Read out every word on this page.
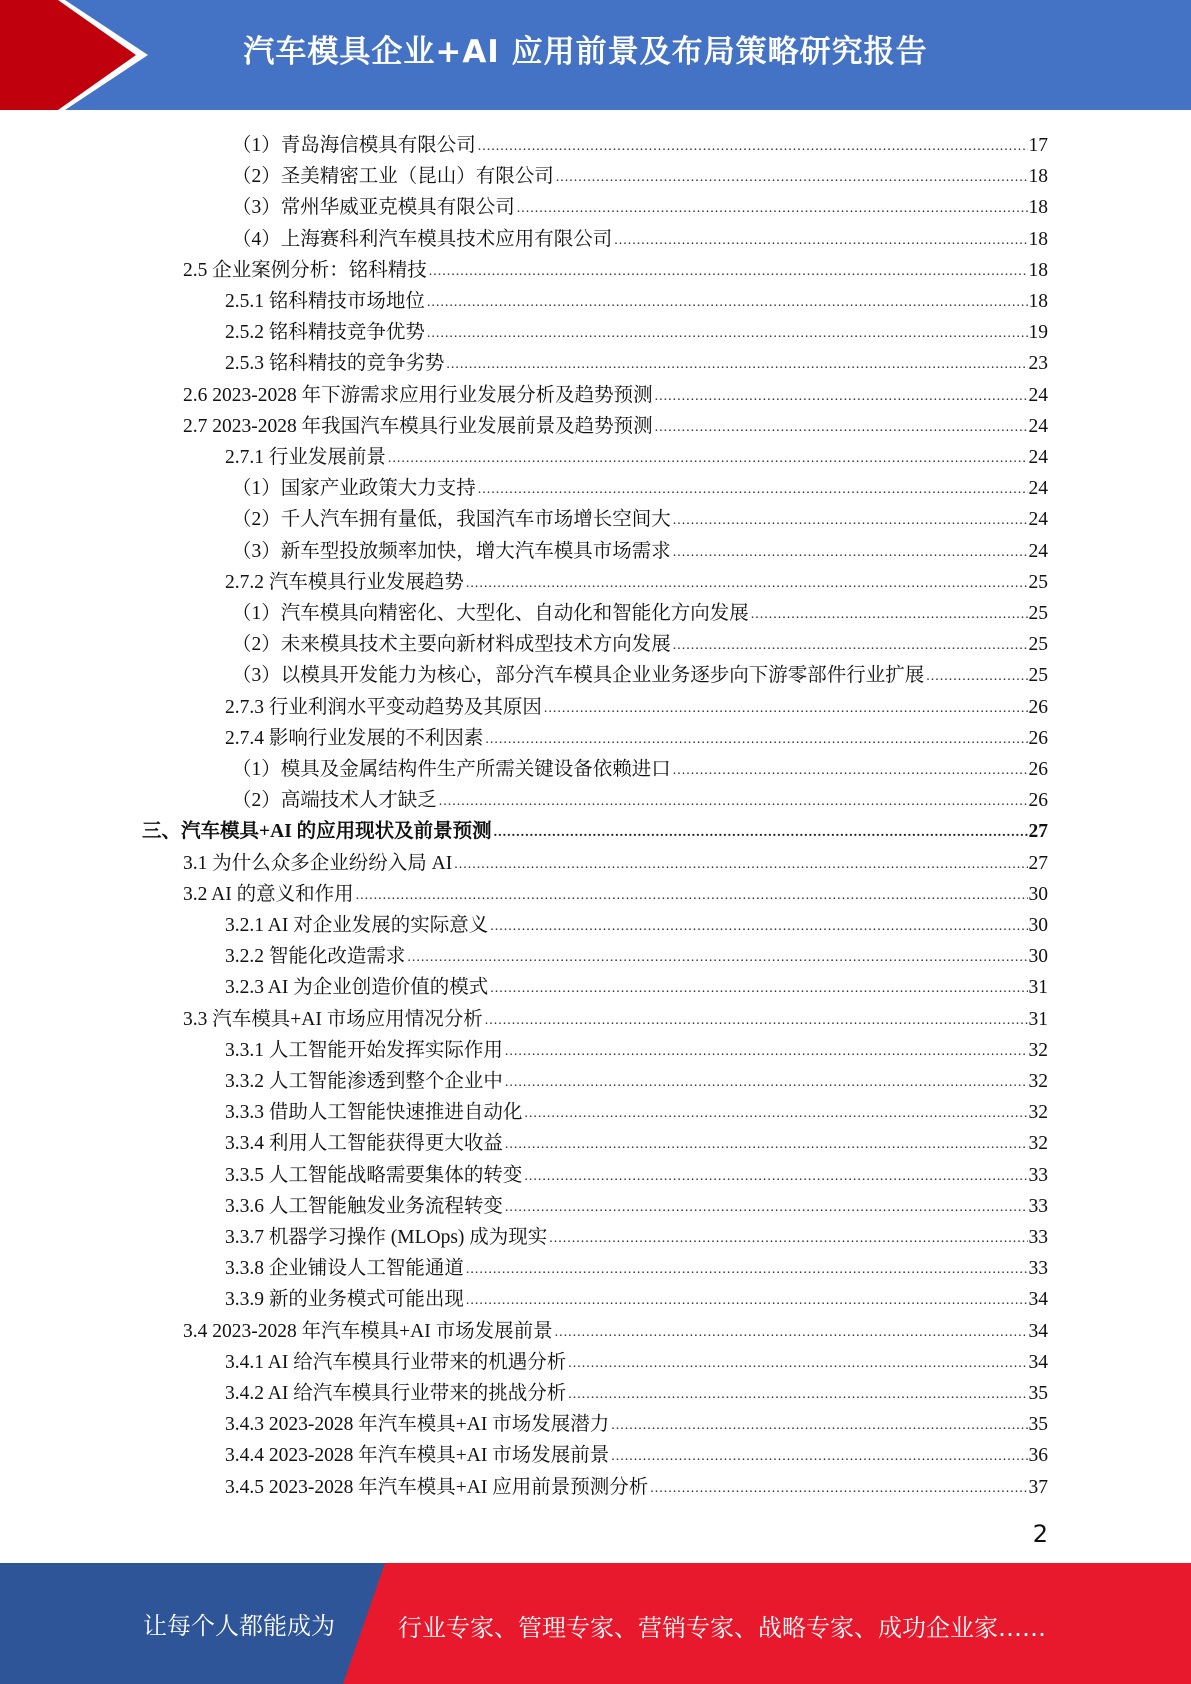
汽车模具企业+AI 应用前景及布局策略研究报告
（1）青岛海信模具有限公司 .....	17
（2）圣美精密工业（昆山）有限公司 .....	18
（3）常州华威亚克模具有限公司 .....	18
（4）上海赛科利汽车模具技术应用有限公司 .....	18
2.5 企业案例分析：铭科精技 .....	18
2.5.1 铭科精技市场地位 .....	18
2.5.2 铭科精技竞争优势 .....	19
2.5.3 铭科精技的竞争劣势 .....	23
2.6 2023-2028 年下游需求应用行业发展分析及趋势预测 .....	24
2.7 2023-2028 年我国汽车模具行业发展前景及趋势预测 .....	24
2.7.1 行业发展前景 .....	24
（1）国家产业政策大力支持 .....	24
（2）千人汽车拥有量低，我国汽车市场增长空间大 .....	24
（3）新车型投放频率加快，增大汽车模具市场需求 .....	24
2.7.2 汽车模具行业发展趋势 .....	25
（1）汽车模具向精密化、大型化、自动化和智能化方向发展 .....	25
（2）未来模具技术主要向新材料成型技术方向发展 .....	25
（3）以模具开发能力为核心，部分汽车模具企业业务逐步向下游零部件行业扩展 .....	25
2.7.3 行业利润水平变动趋势及其原因 .....	26
2.7.4 影响行业发展的不利因素 .....	26
（1）模具及金属结构件生产所需关键设备依赖进口 .....	26
（2）高端技术人才缺乏 .....	26
三、汽车模具+AI 的应用现状及前景预测 .....	27
3.1 为什么众多企业纷纷入局 AI .....	27
3.2 AI 的意义和作用 .....	30
3.2.1 AI 对企业发展的实际意义 .....	30
3.2.2 智能化改造需求 .....	30
3.2.3 AI 为企业创造价值的模式 .....	31
3.3 汽车模具+AI 市场应用情况分析 .....	31
3.3.1 人工智能开始发挥实际作用 .....	32
3.3.2 人工智能渗透到整个企业中 .....	32
3.3.3 借助人工智能快速推进自动化 .....	32
3.3.4 利用人工智能获得更大收益 .....	32
3.3.5 人工智能战略需要集体的转变 .....	33
3.3.6 人工智能触发业务流程转变 .....	33
3.3.7 机器学习操作 (MLOps) 成为现实 .....	33
3.3.8 企业铺设人工智能通道 .....	33
3.3.9 新的业务模式可能出现 .....	34
3.4 2023-2028 年汽车模具+AI 市场发展前景 .....	34
3.4.1 AI 给汽车模具行业带来的机遇分析 .....	34
3.4.2 AI 给汽车模具行业带来的挑战分析 .....	35
3.4.3 2023-2028 年汽车模具+AI 市场发展潜力 .....	35
3.4.4 2023-2028 年汽车模具+AI 市场发展前景 .....	36
3.4.5 2023-2028 年汽车模具+AI 应用前景预测分析 .....	37
2
让每个人都能成为	行业专家、管理专家、营销专家、战略专家、成功企业家……
